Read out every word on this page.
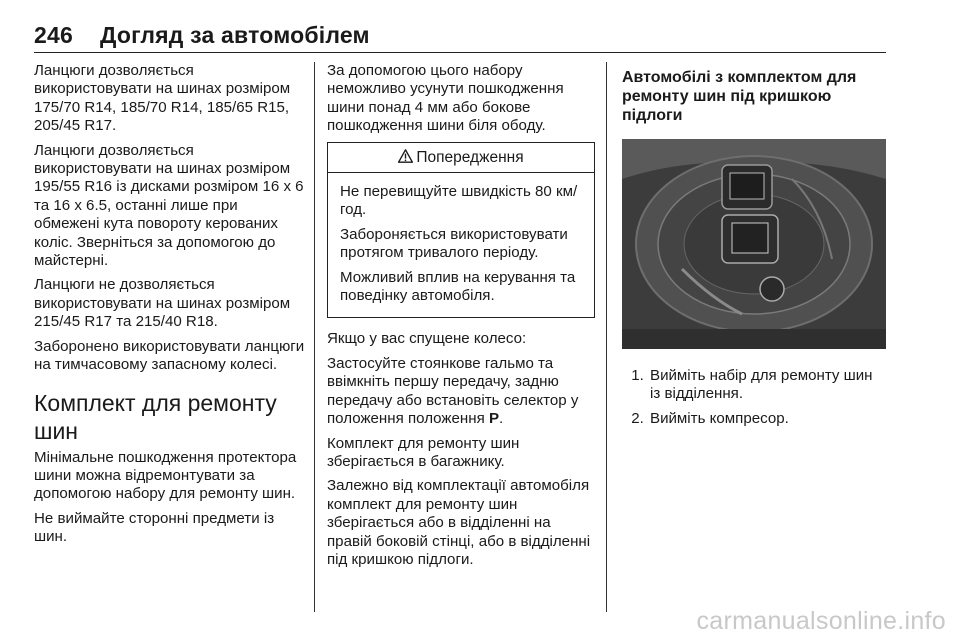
246 Догляд за автомобілем

Ланцюги дозволяється використовувати на шинах розміром 175/70 R14, 185/70 R14, 185/65 R15, 205/45 R17.

Ланцюги дозволяється використовувати на шинах розміром 195/55 R16 із дисками розміром 16 x 6 та 16 x 6.5, останні лише при обмежені кута повороту керованих коліс. Зверніться за допомогою до майстерні.

Ланцюги не дозволяється використовувати на шинах розміром 215/45 R17 та 215/40 R18.

Заборонено використовувати ланцюги на тимчасовому запасному колесі.

Комплект для ремонту шин

Мінімальне пошкодження протектора шини можна відремонтувати за допомогою набору для ремонту шин.

Не виймайте сторонні предмети із шин.

За допомогою цього набору неможливо усунути пошкодження шини понад 4 мм або бокове пошкодження шини біля ободу.

Попередження

Не перевищуйте швидкість 80 км/год.

Забороняється використовувати протягом тривалого періоду.

Можливий вплив на керування та поведінку автомобіля.

Якщо у вас спущене колесо:

Застосуйте стоянкове гальмо та ввімкніть першу передачу, задню передачу або встановіть селектор у положення положення P.

Комплект для ремонту шин зберігається в багажнику.

Залежно від комплектації автомобіля комплект для ремонту шин зберігається або в відділенні на правій боковій стінці, або в відділенні під кришкою підлоги.

Автомобілі з комплектом для ремонту шин під кришкою підлоги
1. Вийміть набір для ремонту шин із відділення.
2. Вийміть компресор.
carmanualsonline.info
